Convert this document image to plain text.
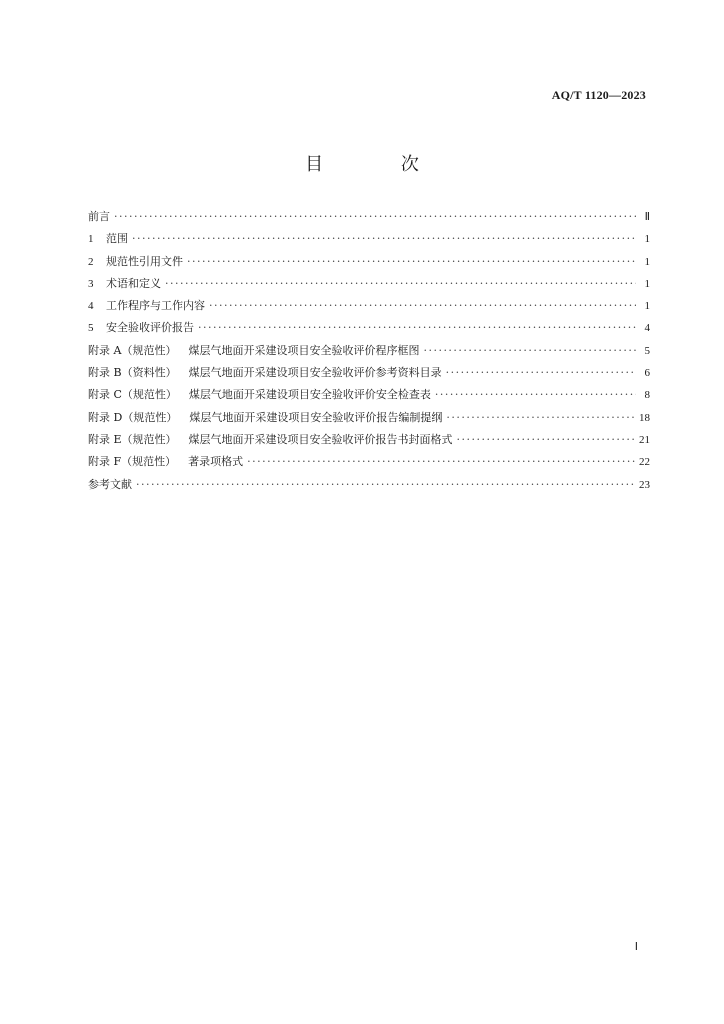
AQ/T 1120—2023
目 次
前言 ·····	Ⅱ
1	范围 ·····	1
2	规范性引用文件 ·····	1
3	术语和定义 ·····	1
4	工作程序与工作内容 ·····	1
5	安全验收评价报告 ·····	4
附录 A（规范性） 煤层气地面开采建设项目安全验收评价程序框图 ·····	5
附录 B（资料性） 煤层气地面开采建设项目安全验收评价参考资料目录 ·····	6
附录 C（规范性） 煤层气地面开采建设项目安全验收评价安全检查表 ·····	8
附录 D（规范性） 煤层气地面开采建设项目安全验收评价报告编制提纲 ·····	18
附录 E（规范性） 煤层气地面开采建设项目安全验收评价报告书封面格式 ·····	21
附录 F（规范性） 著录项格式 ·····	22
参考文献 ·····	23
Ⅰ
